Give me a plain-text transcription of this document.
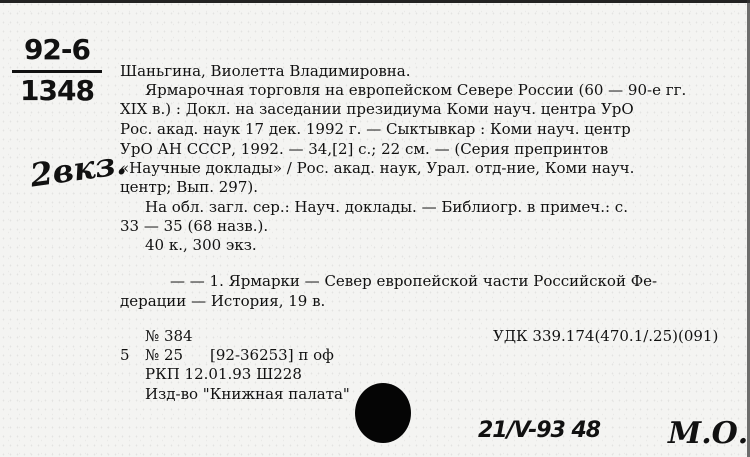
92-6
1348
2вкз.
Шаньгина, Виолетта Владимировна.
Ярмарочная торговля на европейском Севере России (60 — 90-е гг.
XIX в.) : Докл. на заседании президиума Коми науч. центра УрО
Рос. акад. наук 17 дек. 1992 г. — Сыктывкар : Коми науч. центр
УрО АН СССР, 1992. — 34,[2] с.; 22 см. — (Серия препринтов
«Научные доклады» / Рос. акад. наук, Урал. отд-ние, Коми науч.
центр; Вып. 297).
На обл. загл. сер.: Науч. доклады. — Библиогр. в примеч.: с.
33 — 35 (68 назв.).
40 к., 300 экз.
— — 1. Ярмарки — Север европейской части Российской Фе-
дерации — История, 19 в.
№ 384	УДК 339.174(470.1/.25)(091)
5 № 25 [92-36253] п оф
РКП 12.01.93 Ш228
Изд-во "Книжная палата"
21/V-93 48 М.О.
